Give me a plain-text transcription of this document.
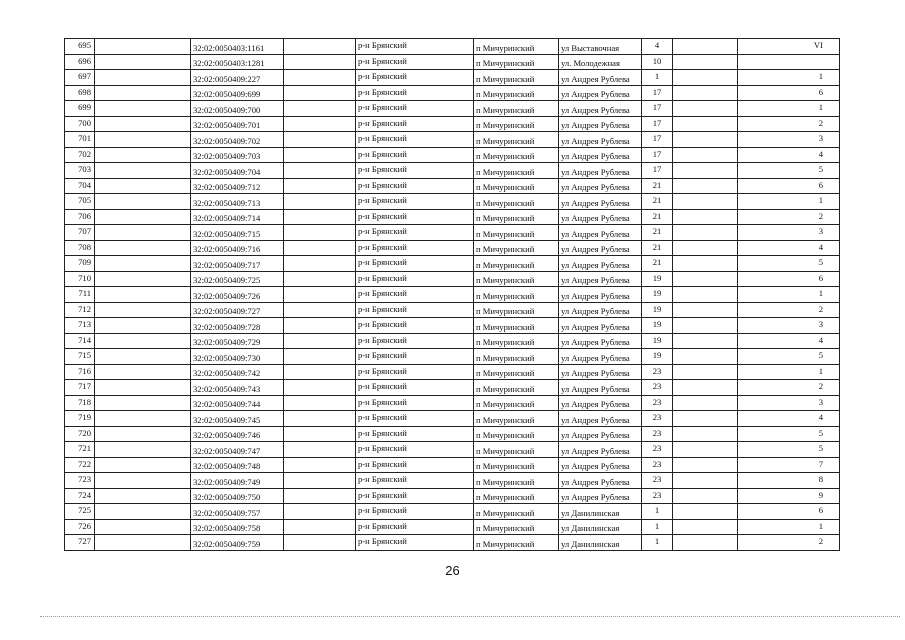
695		32:02:0050403:1161		р-н Брянский	п Мичуринский	ул Выставочная	4		VI
696		32:02:0050403:1281		р-н Брянский	п Мичуринский	ул. Молодежная	10		
697		32:02:0050409:227		р-н Брянский	п Мичуринский	ул Андрея Рублева	1		1
698		32:02:0050409:699		р-н Брянский	п Мичуринский	ул Андрея Рублева	17		6
699		32:02:0050409:700		р-н Брянский	п Мичуринский	ул Андрея Рублева	17		1
700		32:02:0050409:701		р-н Брянский	п Мичуринский	ул Андрея Рублева	17		2
701		32:02:0050409:702		р-н Брянский	п Мичуринский	ул Андрея Рублева	17		3
702		32:02:0050409:703		р-н Брянский	п Мичуринский	ул Андрея Рублева	17		4
703		32:02:0050409:704		р-н Брянский	п Мичуринский	ул Андрея Рублева	17		5
704		32:02:0050409:712		р-н Брянский	п Мичуринский	ул Андрея Рублева	21		6
705		32:02:0050409:713		р-н Брянский	п Мичуринский	ул Андрея Рублева	21		1
706		32:02:0050409:714		р-н Брянский	п Мичуринский	ул Андрея Рублева	21		2
707		32:02:0050409:715		р-н Брянский	п Мичуринский	ул Андрея Рублева	21		3
708		32:02:0050409:716		р-н Брянский	п Мичуринский	ул Андрея Рублева	21		4
709		32:02:0050409:717		р-н Брянский	п Мичуринский	ул Андрея Рублева	21		5
710		32:02:0050409:725		р-н Брянский	п Мичуринский	ул Андрея Рублева	19		6
711		32:02:0050409:726		р-н Брянский	п Мичуринский	ул Андрея Рублева	19		1
712		32:02:0050409:727		р-н Брянский	п Мичуринский	ул Андрея Рублева	19		2
713		32:02:0050409:728		р-н Брянский	п Мичуринский	ул Андрея Рублева	19		3
714		32:02:0050409:729		р-н Брянский	п Мичуринский	ул Андрея Рублева	19		4
715		32:02:0050409:730		р-н Брянский	п Мичуринский	ул Андрея Рублева	19		5
716		32:02:0050409:742		р-н Брянский	п Мичуринский	ул Андрея Рублева	23		1
717		32:02:0050409:743		р-н Брянский	п Мичуринский	ул Андрея Рублева	23		2
718		32:02:0050409:744		р-н Брянский	п Мичуринский	ул Андрея Рублева	23		3
719		32:02:0050409:745		р-н Брянский	п Мичуринский	ул Андрея Рублева	23		4
720		32:02:0050409:746		р-н Брянский	п Мичуринский	ул Андрея Рублева	23		5
721		32:02:0050409:747		р-н Брянский	п Мичуринский	ул Андрея Рублева	23		5
722		32:02:0050409:748		р-н Брянский	п Мичуринский	ул Андрея Рублева	23		7
723		32:02:0050409:749		р-н Брянский	п Мичуринский	ул Андрея Рублева	23		8
724		32:02:0050409:750		р-н Брянский	п Мичуринский	ул Андрея Рублева	23		9
725		32:02:0050409:757		р-н Брянский	п Мичуринский	ул Данилинская	1		6
726		32:02:0050409:758		р-н Брянский	п Мичуринский	ул Данилинская	1		1
727		32:02:0050409:759		р-н Брянский	п Мичуринский	ул Данилинская	1		2
26
